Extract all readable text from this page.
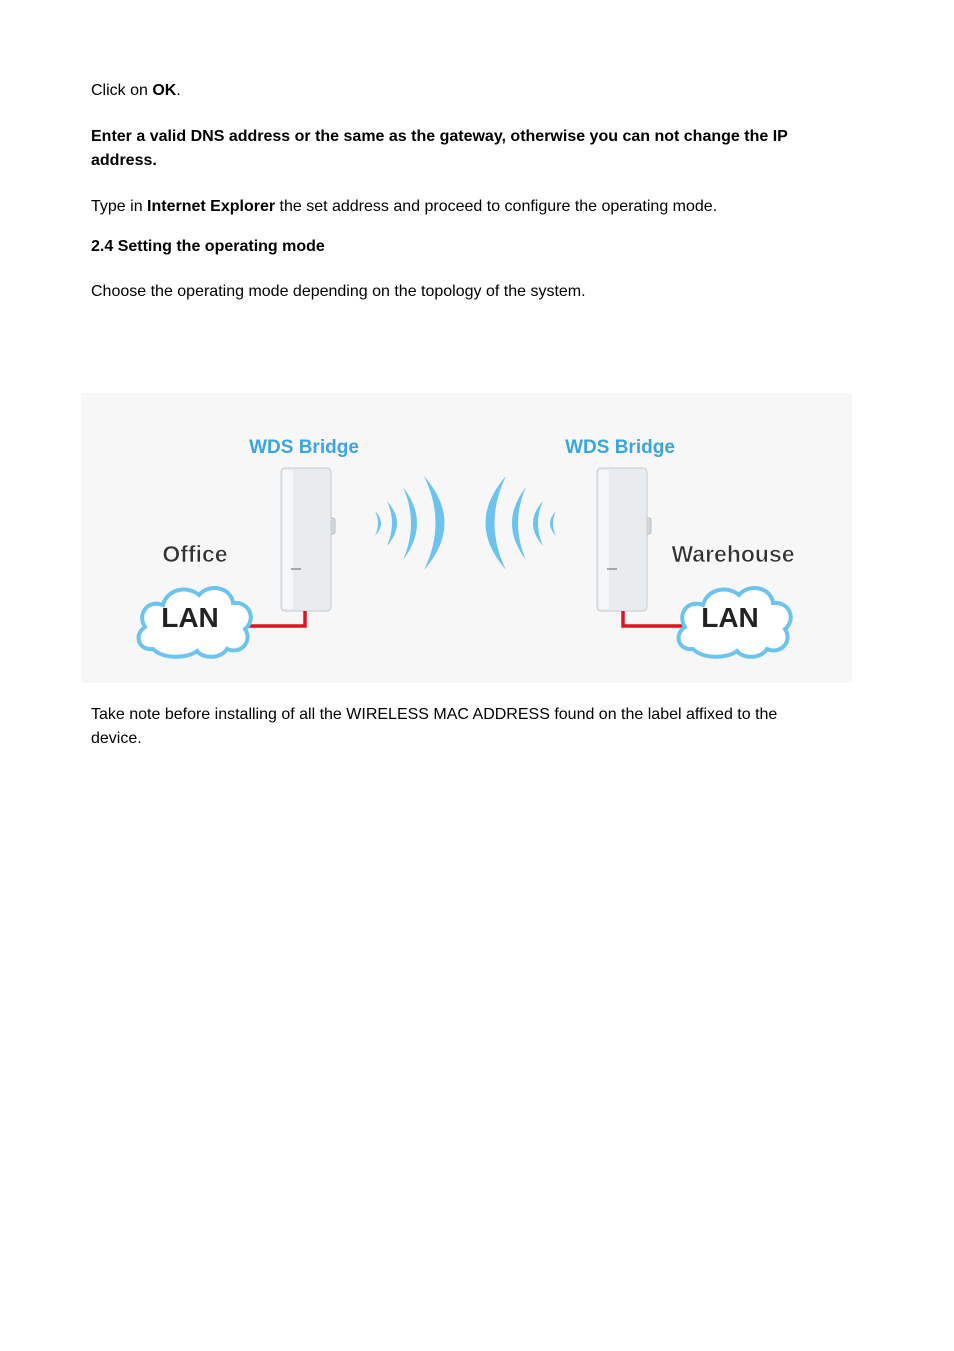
Click on OK.

Enter a valid DNS address or the same as the gateway, otherwise you can not change the IP address.

Type in Internet Explorer the set address and proceed to configure the operating mode.

2.4 Setting the operating mode

Choose the operating mode depending on the topology of the system.

WDS Bridge	WDS Bridge
Office	Warehouse
LAN	LAN

Take note before installing of all the WIRELESS MAC ADDRESS found on the label affixed to the device.
